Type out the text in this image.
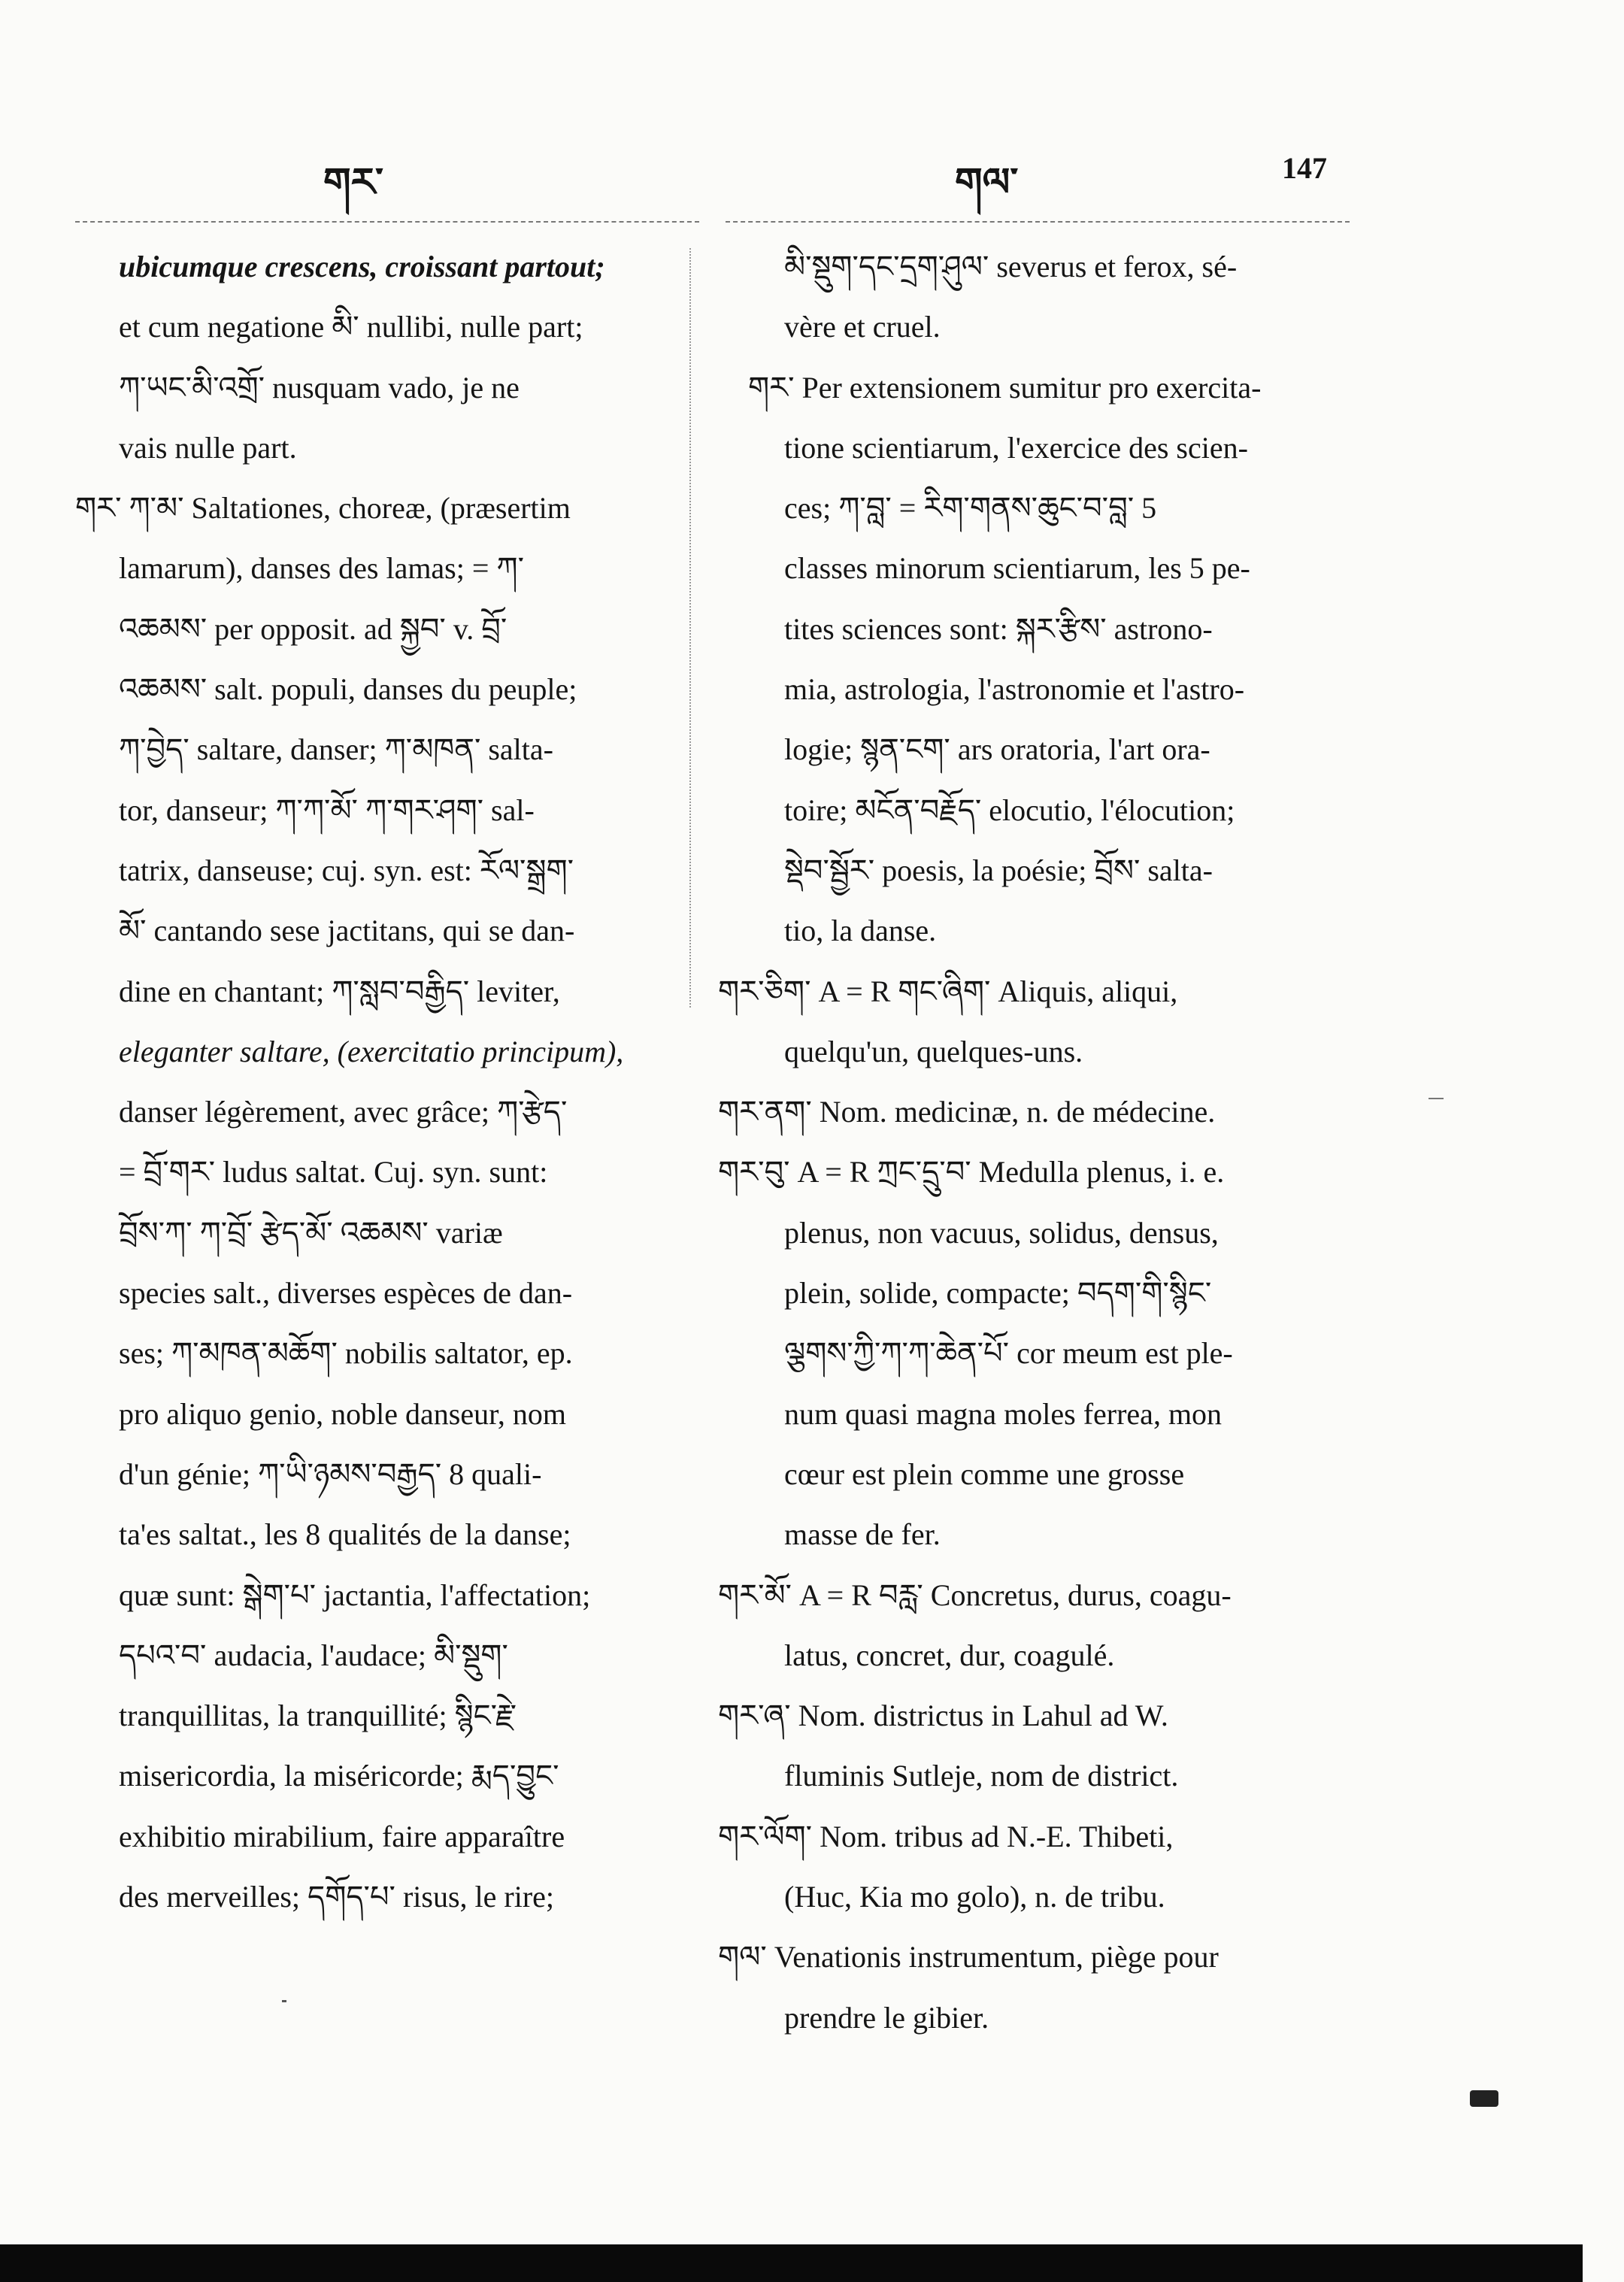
གར་	གལ་	147

ubicumque crescens, croissant partout;

et cum negatione མི་ nullibi, nulle part;

ཀ་ཡང་མི་འགྲོ་ nusquam vado, je ne

vais nulle part.

གར་ ཀ་མ་ Saltationes, choreæ, (præsertim

lamarum), danses des lamas; = ཀ་

འཆམས་ per opposit. ad སྐྱབ་ v. བྲོ་

འཆམས་ salt. populi, danses du peuple;

ཀ་བྱེད་ saltare, danser; ཀ་མཁན་ salta-

tor, danseur; ཀ་ཀ་མོ་ ཀ་གར་ཤག་ sal-

tatrix, danseuse; cuj. syn. est: རོལ་སྒྲག་

མོ་ cantando sese jactitans, qui se dan-

dine en chantant; ཀ་སླབ་བརྒྱིད་ leviter,

eleganter saltare, (exercitatio principum),

danser légèrement, avec grâce; ཀ་རྩེད་

= བྲོ་གར་ ludus saltat. Cuj. syn. sunt:

བྲོས་ཀ་ ཀ་བྲོ་ རྩེད་མོ་ འཆམས་ variæ

species salt., diverses espèces de dan-

ses; ཀ་མཁན་མཆོག་ nobilis saltator, ep.

pro aliquo genio, noble danseur, nom

d'un génie; ཀ་ཡི་ཉམས་བརྒྱད་ 8 quali-

ta'es saltat., les 8 qualités de la danse;

quæ sunt: སྒེག་པ་ jactantia, l'affectation;

དཔའ་བ་ audacia, l'audace; མི་སྡུག་

tranquillitas, la tranquillité; སྙིང་རྗེ་

misericordia, la miséricorde; རྨད་བྱུང་

exhibitio mirabilium, faire apparaître

des merveilles; དགོད་པ་ risus, le rire;

མི་སྡུག་དང་དྲག་ཤུལ་ severus et ferox, sé-

vère et cruel.

གར་ Per extensionem sumitur pro exercita-

tione scientiarum, l'exercice des scien-

ces; ཀ་བླ་ = རིག་གནས་ཆུང་བ་བླ་ 5

classes minorum scientiarum, les 5 pe-

tites sciences sont: སྐར་རྩིས་ astrono-

mia, astrologia, l'astronomie et l'astro-

logie; སྙན་ངག་ ars oratoria, l'art ora-

toire; མངོན་བརྗོད་ elocutio, l'élocution;

སྡེབ་སྦྱོར་ poesis, la poésie; བྲོས་ salta-

tio, la danse.

གར་ཅིག་ A = R གང་ཞིག་ Aliquis, aliqui,

quelqu'un, quelques-uns.

གར་ནག་ Nom. medicinæ, n. de médecine.

གར་བུ་ A = R ཀྲང་དྲུ་བ་ Medulla plenus, i. e.

plenus, non vacuus, solidus, densus,

plein, solide, compacte; བདག་གི་སྙིང་

ལྕགས་ཀྱི་ཀ་ཀ་ཆེན་པོ་ cor meum est ple-

num quasi magna moles ferrea, mon

cœur est plein comme une grosse

masse de fer.

གར་མོ་ A = R བརླ་ Concretus, durus, coagu-

latus, concret, dur, coagulé.

གར་ཞ་ Nom. districtus in Lahul ad W.

fluminis Sutleje, nom de district.

གར་ལོག་ Nom. tribus ad N.-E. Thibeti,

(Huc, Kia mo golo), n. de tribu.

གལ་ Venationis instrumentum, piège pour

prendre le gibier.
